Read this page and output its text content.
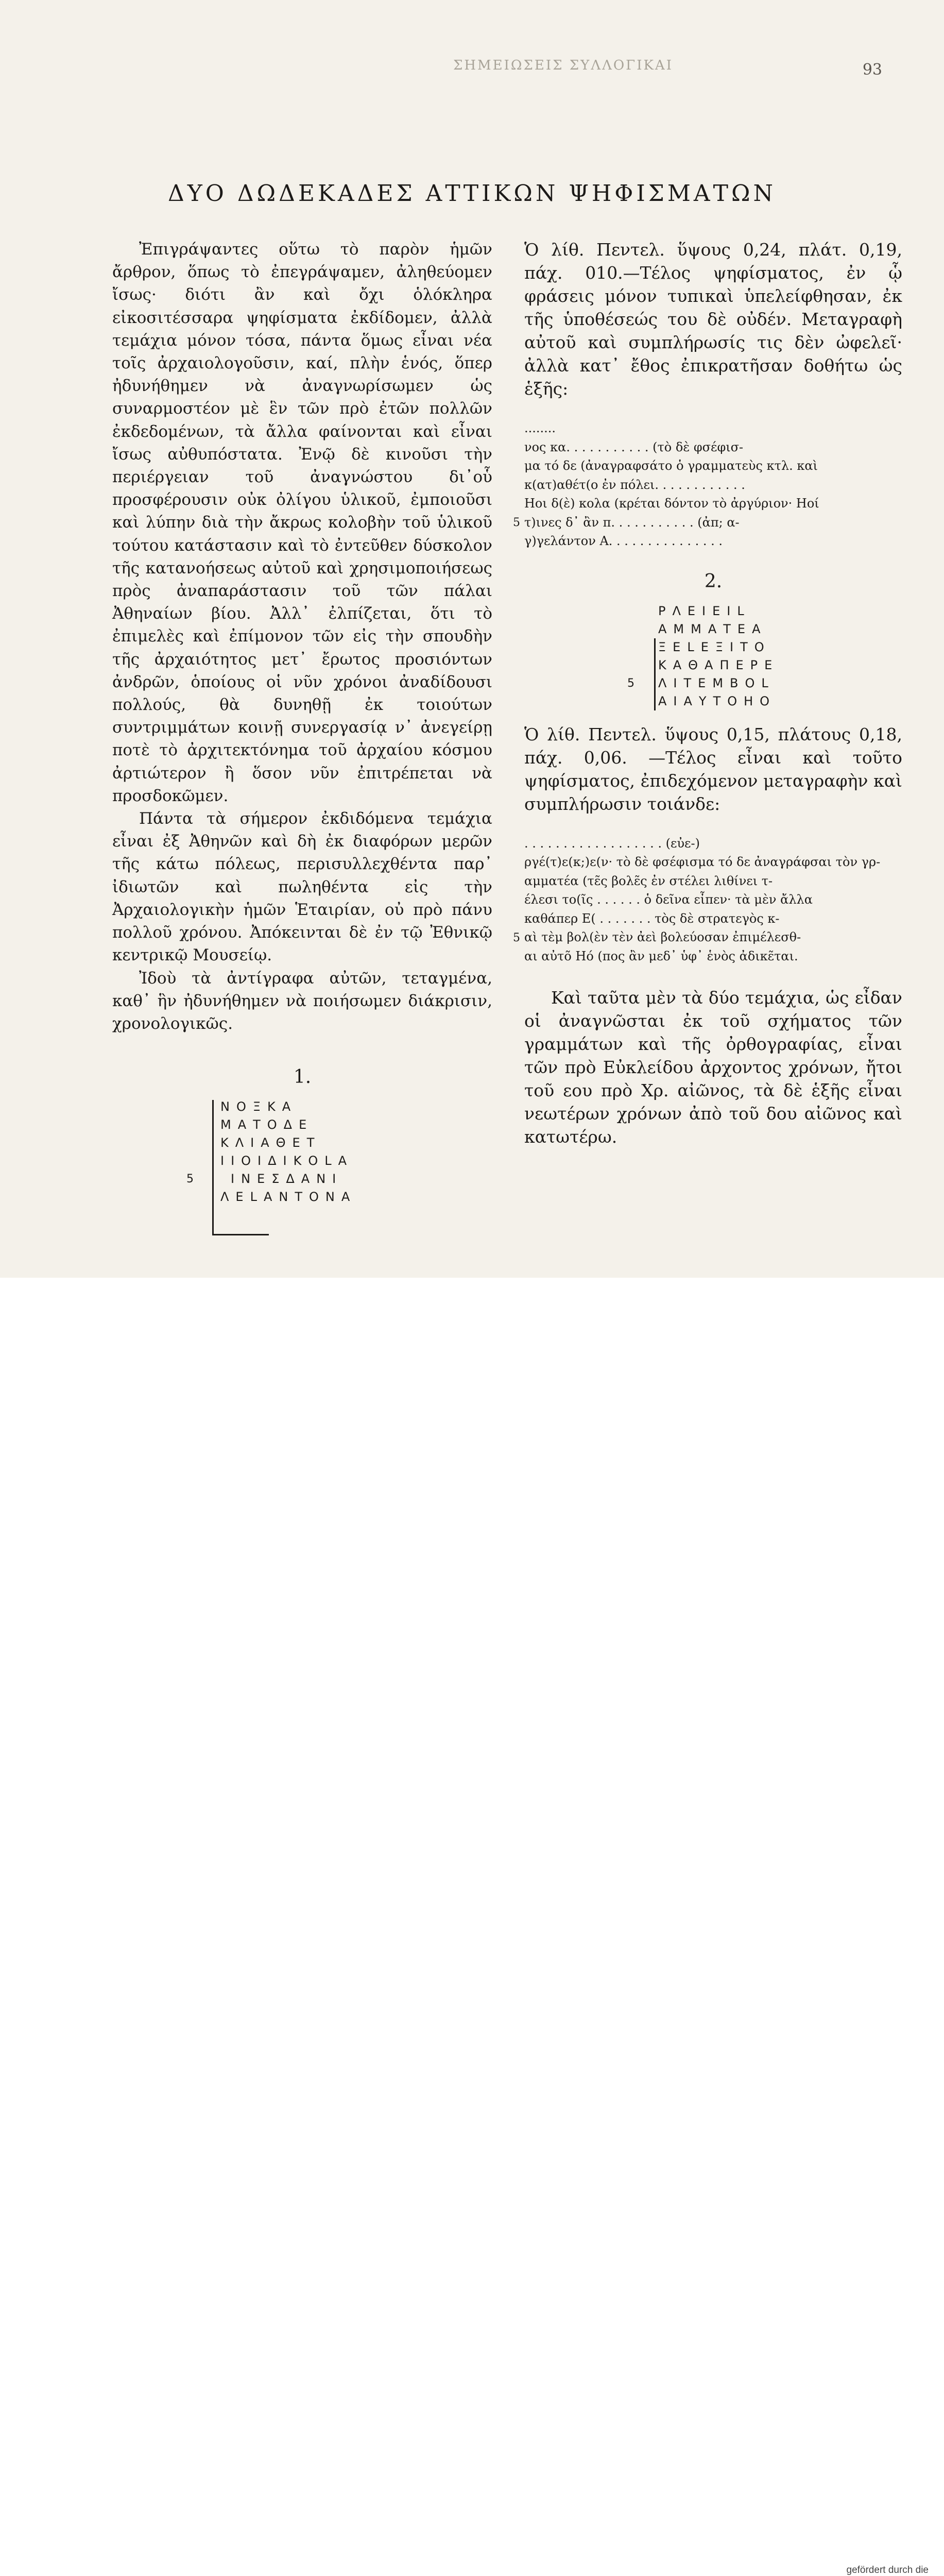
ΣΗΜΕΙΩΣΕΙΣ ΣΥΛΛΟΓΙΚΑΙ	93
ΔΥΟ ΔΩΔΕΚΑΔΕΣ ΑΤΤΙΚΩΝ ΨΗΦΙΣΜΑΤΩΝ

Ἐπιγράψαντες οὕτω τὸ παρὸν ἡμῶν ἄρθρον, ὅπως τὸ ἐπεγράψαμεν, ἀληθεύομεν ἴσως· διότι ἂν καὶ ὄχι ὁλόκληρα εἰκοσιτέσσαρα ψηφίσματα ἐκδίδομεν, ἀλλὰ τεμάχια μόνον τόσα, πάντα ὅμως εἶναι νέα τοῖς ἀρχαιολογοῦσιν, καί, πλὴν ἑνός, ὅπερ ἠδυνήθημεν νὰ ἀναγνωρίσωμεν ὡς συναρμοστέον μὲ ἓν τῶν πρὸ ἐτῶν πολλῶν ἐκδεδομένων, τὰ ἄλλα φαίνονται καὶ εἶναι ἴσως αὐθυπόστατα. Ἐνῷ δὲ κινοῦσι τὴν περιέργειαν τοῦ ἀναγνώστου δι᾽οὗ προσφέρουσιν οὐκ ὀλίγου ὑλικοῦ, ἐμποιοῦσι καὶ λύπην διὰ τὴν ἄκρως κολοβὴν τοῦ ὑλικοῦ τούτου κατάστασιν καὶ τὸ ἐντεῦθεν δύσκολον τῆς κατανοήσεως αὐτοῦ καὶ χρησιμοποιήσεως πρὸς ἀναπαράστασιν τοῦ τῶν πάλαι Ἀθηναίων βίου. Ἀλλ᾽ ἐλπίζεται, ὅτι τὸ ἐπιμελὲς καὶ ἐπίμονον τῶν εἰς τὴν σπουδὴν τῆς ἀρχαιότητος μετ᾽ ἔρωτος προσιόντων ἀνδρῶν, ὁποίους οἱ νῦν χρόνοι ἀναδίδουσι πολλούς, θὰ δυνηθῇ ἐκ τοιούτων συντριμμάτων κοινῇ συνεργασίᾳ ν᾽ ἀνεγείρῃ ποτὲ τὸ ἀρχιτεκτόνημα τοῦ ἀρχαίου κόσμου ἀρτιώτερον ἢ ὅσον νῦν ἐπιτρέπεται νὰ προσδοκῶμεν.

Πάντα τὰ σήμερον ἐκδιδόμενα τεμάχια εἶναι ἐξ Ἀθηνῶν καὶ δὴ ἐκ διαφόρων μερῶν τῆς κάτω πόλεως, περισυλλεχθέντα παρ᾽ ἰδιωτῶν καὶ πωληθέντα εἰς τὴν Ἀρχαιολογικὴν ἡμῶν Ἑταιρίαν, οὐ πρὸ πάνυ πολλοῦ χρόνου. Ἀπόκεινται δὲ ἐν τῷ Ἐθνικῷ κεντρικῷ Μουσείῳ.

Ἰδοὺ τὰ ἀντίγραφα αὐτῶν, τεταγμένα, καθ᾽ ἣν ἠδυνήθημεν νὰ ποιήσωμεν διάκρισιν, χρονολογικῶς.

1.
5
ΝΟΞΚΑ
ΜΑΤΟΔΕ
ΚΛΙΑΘΕΤ
ΙΙΟΙΔΙΚΟLΑ
ΙΝΕΣΔΑΝΙ
ΛΕLΑΝΤΟΝΑ

Ὁ λίθ. Πεντελ. ὕψους 0,24, πλάτ. 0,19, πάχ. 010.—Τέλος ψηφίσματος, ἐν ᾧ φράσεις μόνον τυπικαὶ ὑπελείφθησαν, ἐκ τῆς ὑποθέσεώς του δὲ οὐδέν. Μεταγραφὴ αὐτοῦ καὶ συμπλήρωσίς τις δὲν ὠφελεῖ· ἀλλὰ κατ᾽ ἔθος ἐπικρατῆσαν δοθήτω ὡς ἑξῆς:

........
νος κα. . . . . . . . . . . (τὸ δὲ φσέφισ-
μα τό δε (ἀναγραφσάτο ὁ γραμματεὺς κτλ. καὶ
κ(ατ)αθέτ(ο ἐν πόλει. . . . . . . . . . . .
Ηοι δ(ὲ) κολα (κρέται δόντον τὸ ἀργύριον· Ηοί
τ)ινες δ᾽ ἂν π. . . . . . . . . . . (ἀπ; α-
γ)γελάντον Α. . . . . . . . . . . . . . .
5
2.
5
ΡΛΕΙΕΙL
ΑΜΜΑΤΕΑ
ΞΕLΕΞΙΤΟ
ΚΑΘΑΠΕΡΕ
ΛΙΤΕΜΒΟL
ΑΙΑΥΤΟΗΟ

Ὁ λίθ. Πεντελ. ὕψους 0,15, πλάτους 0,18, πάχ. 0,06. —Τέλος εἶναι καὶ τοῦτο ψηφίσματος, ἐπιδεχόμενον μεταγραφὴν καὶ συμπλήρωσιν τοιάνδε:

. . . . . . . . . . . . . . . . . . (εὐε-)
ργέ(τ)ε(κ;)ε(ν· τὸ δὲ φσέφισμα τό δε ἀναγράφσαι τὸν γρ-
αμματέα (τε̃ς βολε̃ς ἐν στέλει λιθίνει τ-
έλεσι το(ῖς . . . . . . ὁ δεῖνα εἶπεν· τὰ μὲν ἄλλα
καθάπερ Ε( . . . . . . . τὸς δὲ στρατεγὸς κ-
αὶ τὲμ βολ(ὲν τὲν ἀεὶ βολεύοσαν ἐπιμέλεσθ-
αι αὐτõ Ηό (πος ἂν μεδ᾽ ὑφ᾽ ἑνὸς ἀδικε̃ται.
5

Καὶ ταῦτα μὲν τὰ δύο τεμάχια, ὡς εἶδαν οἱ ἀναγνῶσται ἐκ τοῦ σχήματος τῶν γραμμάτων καὶ τῆς ὀρθογραφίας, εἶναι τῶν πρὸ Εὐκλείδου ἀρχοντος χρόνων, ἤτοι τοῦ εου πρὸ Χρ. αἰῶνος, τὰ δὲ ἑξῆς εἶναι νεωτέρων χρόνων ἀπὸ τοῦ δου αἰῶνος καὶ κατωτέρω.

gefördert durch die
